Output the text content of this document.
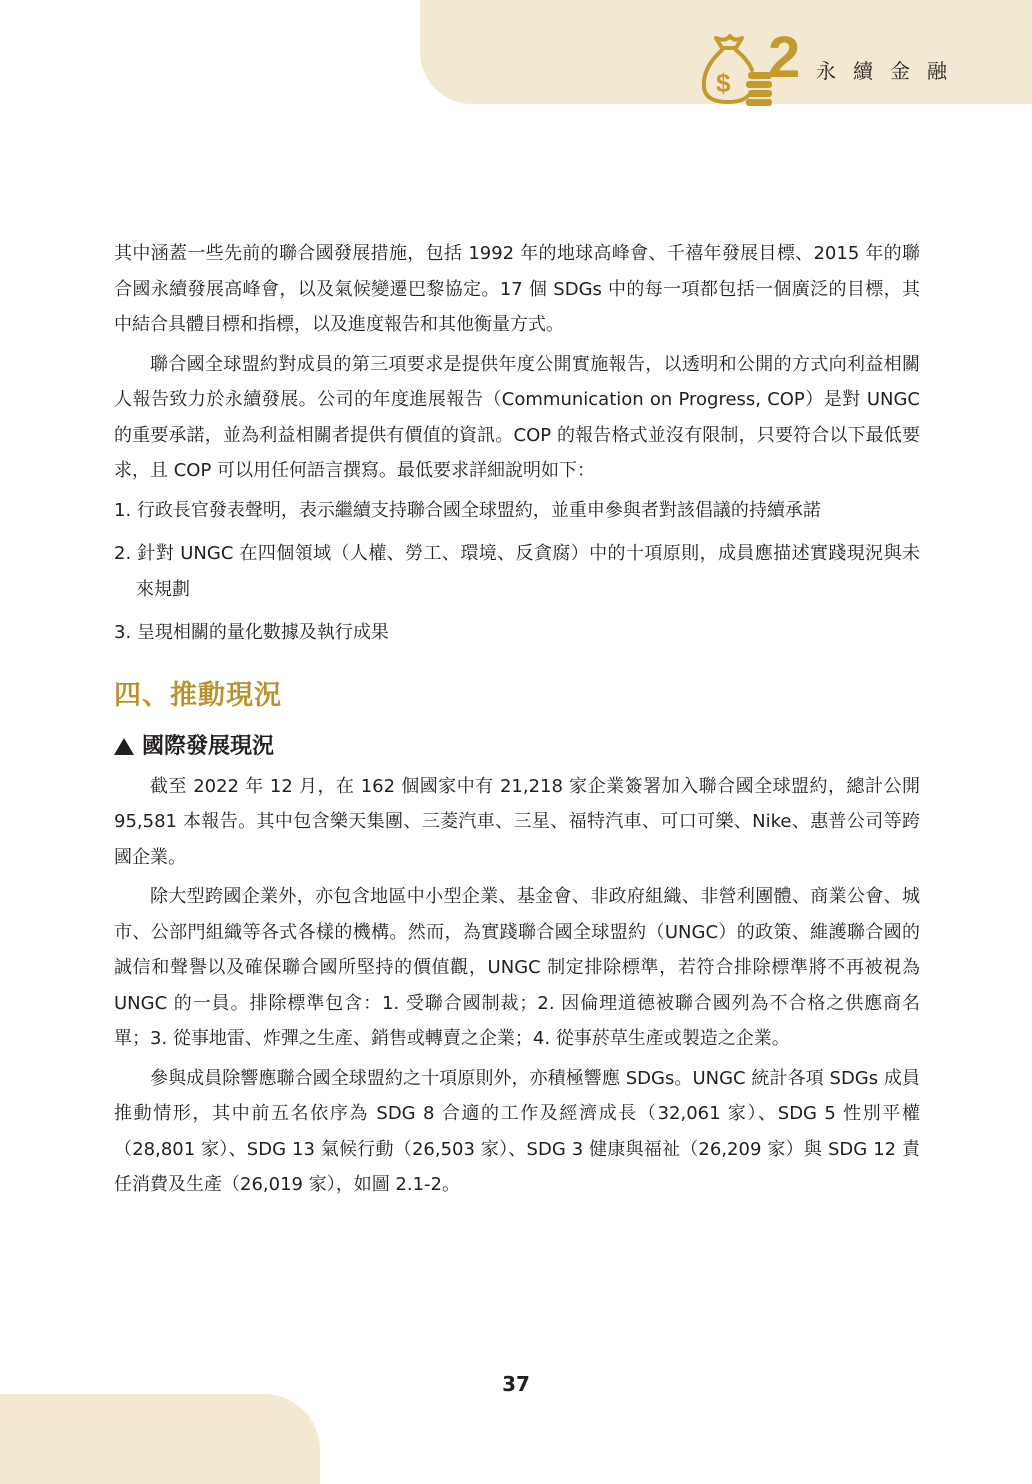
$ 2 永續金融

其中涵蓋一些先前的聯合國發展措施，包括 1992 年的地球高峰會、千禧年發展目標、2015 年的聯合國永續發展高峰會，以及氣候變遷巴黎協定。17 個 SDGs 中的每一項都包括一個廣泛的目標，其中結合具體目標和指標，以及進度報告和其他衡量方式。

聯合國全球盟約對成員的第三項要求是提供年度公開實施報告，以透明和公開的方式向利益相關人報告致力於永續發展。公司的年度進展報告（Communication on Progress, COP）是對 UNGC 的重要承諾，並為利益相關者提供有價值的資訊。COP 的報告格式並沒有限制，只要符合以下最低要求，且 COP 可以用任何語言撰寫。最低要求詳細說明如下：

1. 行政長官發表聲明，表示繼續支持聯合國全球盟約，並重申參與者對該倡議的持續承諾
2. 針對 UNGC 在四個領域（人權、勞工、環境、反貪腐）中的十項原則，成員應描述實踐現況與未來規劃
3. 呈現相關的量化數據及執行成果
四、推動現況
國際發展現況

截至 2022 年 12 月，在 162 個國家中有 21,218 家企業簽署加入聯合國全球盟約，總計公開 95,581 本報告。其中包含樂天集團、三菱汽車、三星、福特汽車、可口可樂、Nike、惠普公司等跨國企業。

除大型跨國企業外，亦包含地區中小型企業、基金會、非政府組織、非營利團體、商業公會、城市、公部門組織等各式各樣的機構。然而，為實踐聯合國全球盟約（UNGC）的政策、維護聯合國的誠信和聲譽以及確保聯合國所堅持的價值觀，UNGC 制定排除標準，若符合排除標準將不再被視為 UNGC 的一員。排除標準包含：1. 受聯合國制裁；2. 因倫理道德被聯合國列為不合格之供應商名單；3. 從事地雷、炸彈之生產、銷售或轉賣之企業；4. 從事菸草生產或製造之企業。

參與成員除響應聯合國全球盟約之十項原則外，亦積極響應 SDGs。UNGC 統計各項 SDGs 成員推動情形，其中前五名依序為 SDG 8 合適的工作及經濟成長（32,061 家）、SDG 5 性別平權（28,801 家）、SDG 13 氣候行動（26,503 家）、SDG 3 健康與福祉（26,209 家）與 SDG 12 責任消費及生產（26,019 家），如圖 2.1-2。

37
